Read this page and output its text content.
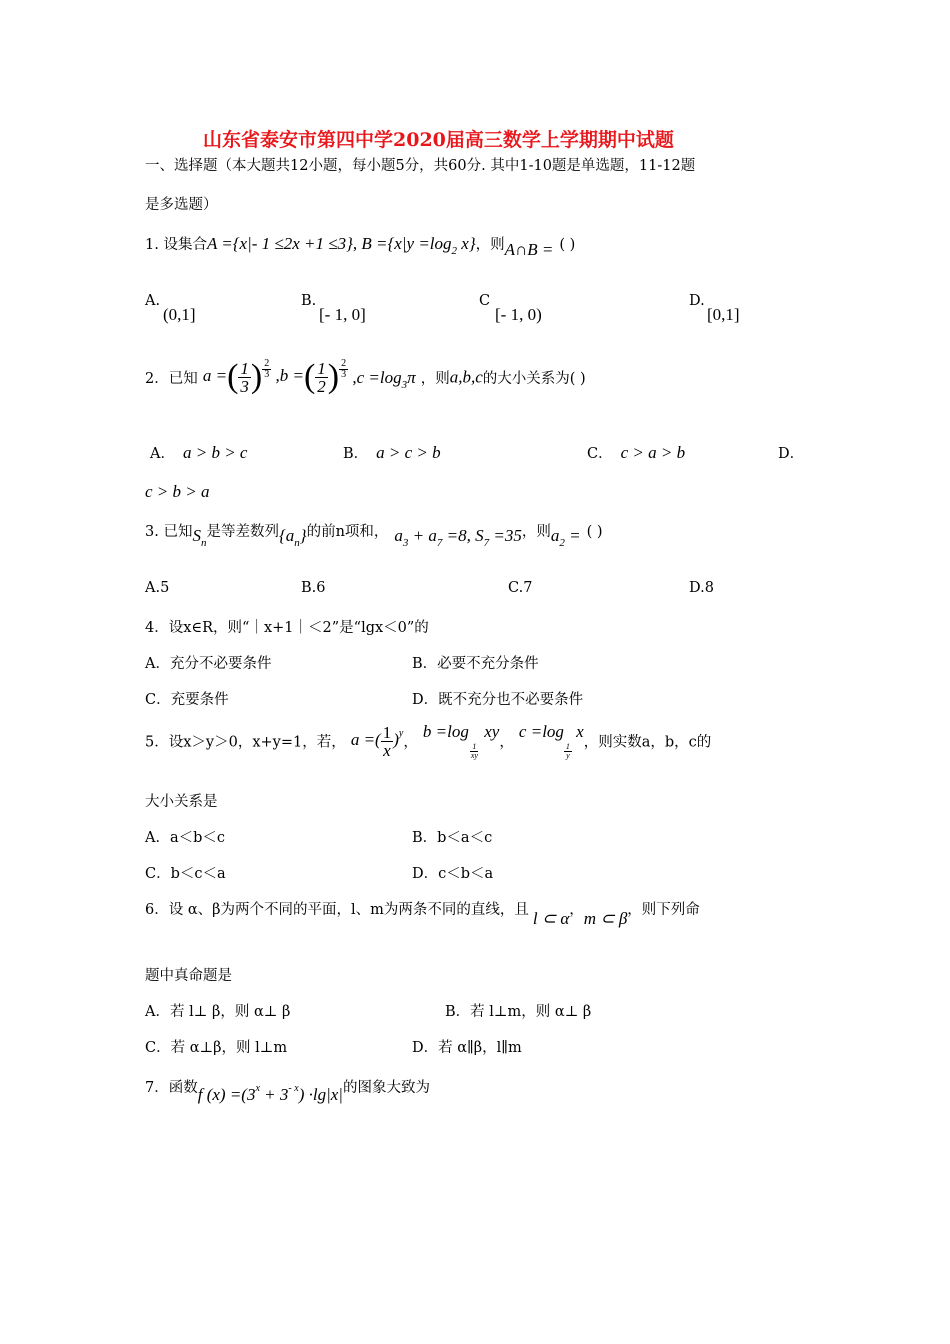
山东省泰安市第四中学2020届高三数学上学期期中试题
一、选择题（本大题共12小题，每小题5分，共60分. 其中1-10题是单选题，11-12题
是多选题）
1. 设集合A ={x|- 1 ≤2x +1 ≤3}, $B =\{x|y =\log_2$ x}，则A∩B = ( )
A.
(0,1]
B.
[- 1, 0]
C
[- 1, 0)
D.
[0,1]
2．已知 a =( $\frac{1}{3}$ ) $\frac{2}{3} ,b$ =( $\frac{1}{2}$ ) $\frac{2}{3} ,c =\log_3\pi$ ，则a,b,c的大小关系为( )
A． a > b > c	B． a > c > b	C． c > a > b	D．
c > b > a
3. 已知$S_n$是等差数列$\{a_n\}$的前n项和， $a_3 + a_7 =8$, $S_7 =35$，则$a_2$ = ( )
A.5	B.6	C.7	D.8
4．设x∈R，则“｜x+1｜＜2”是“lgx＜0”的
A．充分不必要条件	B．必要不充分条件
C．充要条件	D．既不充分也不必要条件
5．设x＞y＞0，x+y=1，若， a =( $\frac{1}{x} )^y$， b =log
$\frac{1}{xy}$
xy， c =log
$\frac{1}{y}$
x，则实数a，b，c的
大小关系是
A．a＜b＜c	B．b＜a＜c
C．b＜c＜a	D．c＜b＜a
6．设 α、β为两个不同的平面，l、m为两条不同的直线，且 l ⊂ α，m ⊂ β，则下列命
题中真命题是
A．若 l⊥ β，则 α⊥ β	B．若 l⊥m，则 α⊥ β
C．若 α⊥β，则 l⊥m	D．若 α∥β，l∥m
7．函数f $(x) =(3^x + 3^{- x}) \cdot\lg|x|$的图象大致为
